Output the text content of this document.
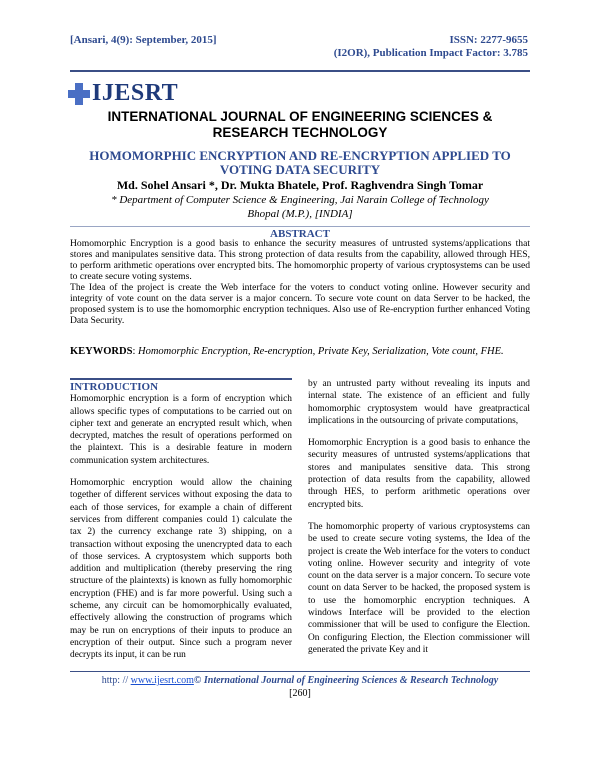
[Ansari, 4(9): September, 2015]	ISSN: 2277-9655
(I2OR), Publication Impact Factor: 3.785
IJESRT
INTERNATIONAL JOURNAL OF ENGINEERING SCIENCES & RESEARCH TECHNOLOGY
HOMOMORPHIC ENCRYPTION AND RE-ENCRYPTION APPLIED TO VOTING DATA SECURITY
Md. Sohel Ansari *, Dr. Mukta Bhatele, Prof. Raghvendra Singh Tomar
* Department of Computer Science & Engineering, Jai Narain College of Technology
Bhopal (M.P.), [INDIA]
ABSTRACT

Homomorphic Encryption is a good basis to enhance the security measures of untrusted systems/applications that stores and manipulates sensitive data. This strong protection of data results from the capability, allowed through HES, to perform arithmetic operations over encrypted bits. The homomorphic property of various cryptosystems can be used to create secure voting systems.

The Idea of the project is create the Web interface for the voters to conduct voting online. However security and integrity of vote count on the data server is a major concern. To secure vote count on data Server to be hacked, the proposed system is to use the homomorphic encryption techniques. Also use of Re-encryption further enhanced Voting Data Security.

KEYWORDS: Homomorphic Encryption, Re-encryption, Private Key, Serialization, Vote count, FHE.
INTRODUCTION

Homomorphic encryption is a form of encryption which allows specific types of computations to be carried out on cipher text and generate an encrypted result which, when decrypted, matches the result of operations performed on the plaintext. This is a desirable feature in modern communication system architectures.

Homomorphic encryption would allow the chaining together of different services without exposing the data to each of those services, for example a chain of different services from different companies could 1) calculate the tax 2) the currency exchange rate 3) shipping, on a transaction without exposing the unencrypted data to each of those services. A cryptosystem which supports both addition and multiplication (thereby preserving the ring structure of the plaintexts) is known as fully homomorphic encryption (FHE) and is far more powerful. Using such a scheme, any circuit can be homomorphically evaluated, effectively allowing the construction of programs which may be run on encryptions of their inputs to produce an encryption of their output. Since such a program never decrypts its input, it can be run

by an untrusted party without revealing its inputs and internal state. The existence of an efficient and fully homomorphic cryptosystem would have greatpractical implications in the outsourcing of private computations,

Homomorphic Encryption is a good basis to enhance the security measures of untrusted systems/applications that stores and manipulates sensitive data. This strong protection of data results from the capability, allowed through HES, to perform arithmetic operations over encrypted bits.

The homomorphic property of various cryptosystems can be used to create secure voting systems, the Idea of the project is create the Web interface for the voters to conduct voting online. However security and integrity of vote count on the data server is a major concern. To secure vote count on data Server to be hacked, the proposed system is to use the homomorphic encryption techniques. A windows Interface will be provided to the election commissioner that will be used to configure the Election. On configuring Election, the Election commissioner will generated the private Key and it

http: // www.ijesrt.com© International Journal of Engineering Sciences & Research Technology
[260]
